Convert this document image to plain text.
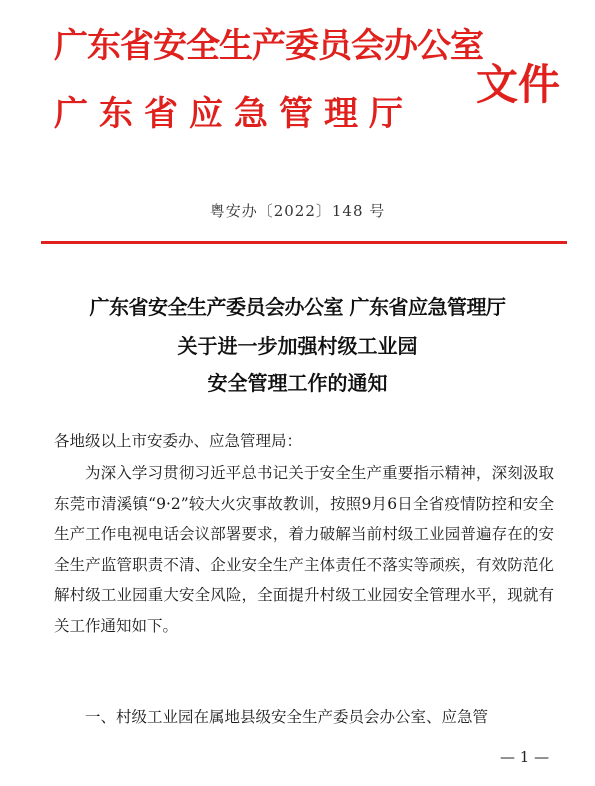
广东省安全生产委员会办公室
广东省应急管理厅
文件
粤安办〔2022〕148 号
广东省安全生产委员会办公室 广东省应急管理厅
关于进一步加强村级工业园
安全管理工作的通知
各地级以上市安委办、应急管理局：
为深入学习贯彻习近平总书记关于安全生产重要指示精神，深刻汲取东莞市清溪镇“9·2”较大火灾事故教训，按照9月6日全省疫情防控和安全生产工作电视电话会议部署要求，着力破解当前村级工业园普遍存在的安全生产监管职责不清、企业安全生产主体责任不落实等顽疾，有效防范化解村级工业园重大安全风险，全面提升村级工业园安全管理水平，现就有关工作通知如下。
一、村级工业园在属地县级安全生产委员会办公室、应急管
— 1 —
